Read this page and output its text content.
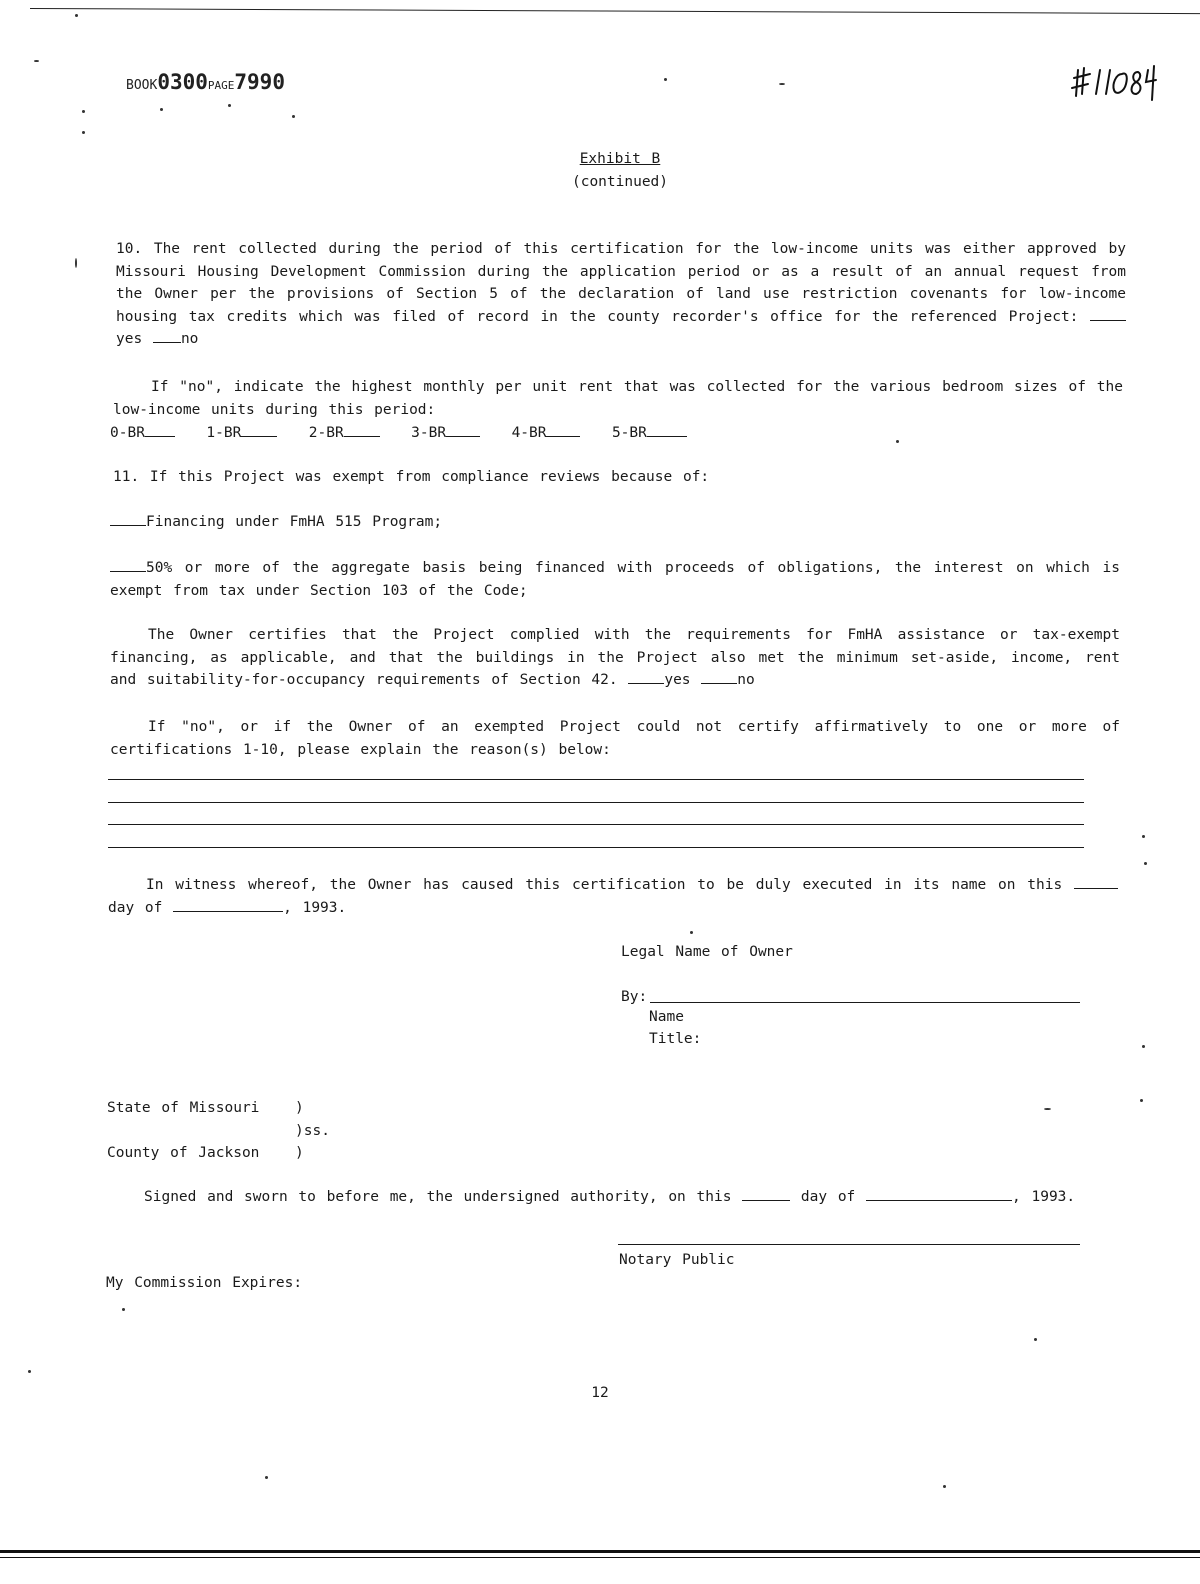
BOOK0300PAGE7990
Exhibit B
(continued)
10. The rent collected during the period of this certification for the low-income units was either approved by Missouri Housing Development Commission during the application period or as a result of an annual request from the Owner per the provisions of Section 5 of the declaration of land use restriction covenants for low-income housing tax credits which was filed of record in the county recorder's office for the referenced Project: yes	no
If "no", indicate the highest monthly per unit rent that was collected for the various bedroom sizes of the low-income units during this period:
0-BR	1-BR	2-BR	3-BR	4-BR	5-BR
11. If this Project was exempt from compliance reviews because of:
Financing under FmHA 515 Program;
50% or more of the aggregate basis being financed with proceeds of obligations, the interest on which is exempt from tax under Section 103 of the Code;
The Owner certifies that the Project complied with the requirements for FmHA assistance or tax-exempt financing, as applicable, and that the buildings in the Project also met the minimum set-aside, income, rent and suitability-for-occupancy requirements of Section 42.	yes	no
If "no", or if the Owner of an exempted Project could not certify affirmatively to one or more of certifications 1-10, please explain the reason(s) below:
In witness whereof, the Owner has caused this certification to be duly executed in its name on this  day of	, 1993.
Legal Name of Owner
By:
Name
Title:
State of Missouri )
)ss.
County of Jackson )
Signed and sworn to before me, the undersigned authority, on this	day of	, 1993.
Notary Public
My Commission Expires:
12
